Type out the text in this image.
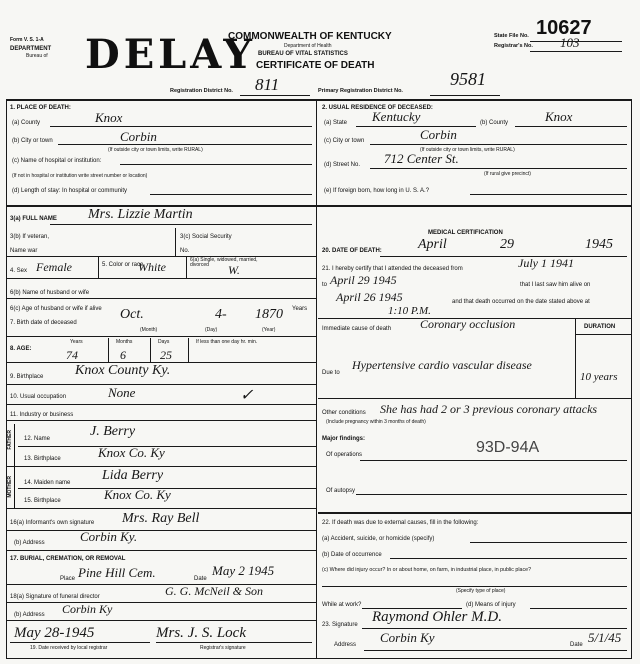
Form V. S. 1-A
DEPARTMENT
Bureau of DELAY
COMMONWEALTH OF KENTUCKY
Department of Health
BUREAU OF VITAL STATISTICS
CERTIFICATE OF DEATH
State File No. 10627
Registrar's No. 103
Registration District No. 811	Primary Registration District No.
9581
1. PLACE OF DEATH:
(a) County	Knox
(b) City or town	Corbin
(If outside city or town limits, write RURAL)
(c) Name of hospital or institution:
(If not in hospital or institution write street number or location)
(d) Length of stay: In hospital or community
2. USUAL RESIDENCE OF DECEASED:
(a) State Kentucky	(b) County	Knox
(c) City or town	Corbin
(If outside city or town limits, write RURAL)
(d) Street No. 712 Center St.
(If rural give precinct)
(e) If foreign born, how long in U. S. A.?
3(a) FULL NAME Mrs. Lizzie Martin
3(b) If veteran,
Name war
3(c) Social Security
No.
4. Sex Female	5. Color or race
White	6(a) Single, widowed, married, divorced	W.
6(b) Name of husband or wife
6(c) Age of husband or wife if alive	Years
7. Birth date of deceased
Oct.	4- 1870
(Month)	(Day)	(Year)
8. AGE:
Years	Months	Days
74	6	25
If less than one day hr. min.
9. Birthplace Knox County Ky.
10. Usual occupation	None
11. Industry or business
FATHER 12. Name	J. Berry
13. Birthplace	Knox Co. Ky
MOTHER 14. Maiden name Lida Berry
15. Birthplace	Knox Co. Ky
16(a) Informant's own signature Mrs. Ray Bell
(b) Address	Corbin Ky.
17. BURIAL, CREMATION, OR REMOVAL
Place Pine Hill Cem.	Date
May 2 1945
18(a) Signature of funeral director	G. G. McNeil & Son
(b) Address Corbin Ky
May 28-1945	Mrs. J. S. Lock
19. Date received by local registrar	Registrar's signature
MEDICAL CERTIFICATION
20. DATE OF DEATH:	April	29	1945
21. I hereby certify that I attended the deceased from	July 1 1941
to April 29 1945	that I last saw him alive on
April 26 1945	and that death occurred on the date stated above at
1:10 P.M.
Immediate cause of death Coronary occlusion	DURATION
Due to
Hypertensive cardio vascular disease
10 years
Other conditions She has had 2 or 3 previous coronary attacks
(Include pregnancy within 3 months of death)
Major findings:
Of operations	93D-94A
Of autopsy
22. If death was due to external causes, fill in the following:
(a) Accident, suicide, or homicide (specify)
(b) Date of occurrence
(c) Where did injury occur? In or about home, on farm, in industrial place, in public place?
(Specify type of place)
While at work?	(d) Means of injury
23. Signature Raymond Ohler M.D.
Address Corbin Ky	Date 5/1/45
✓
